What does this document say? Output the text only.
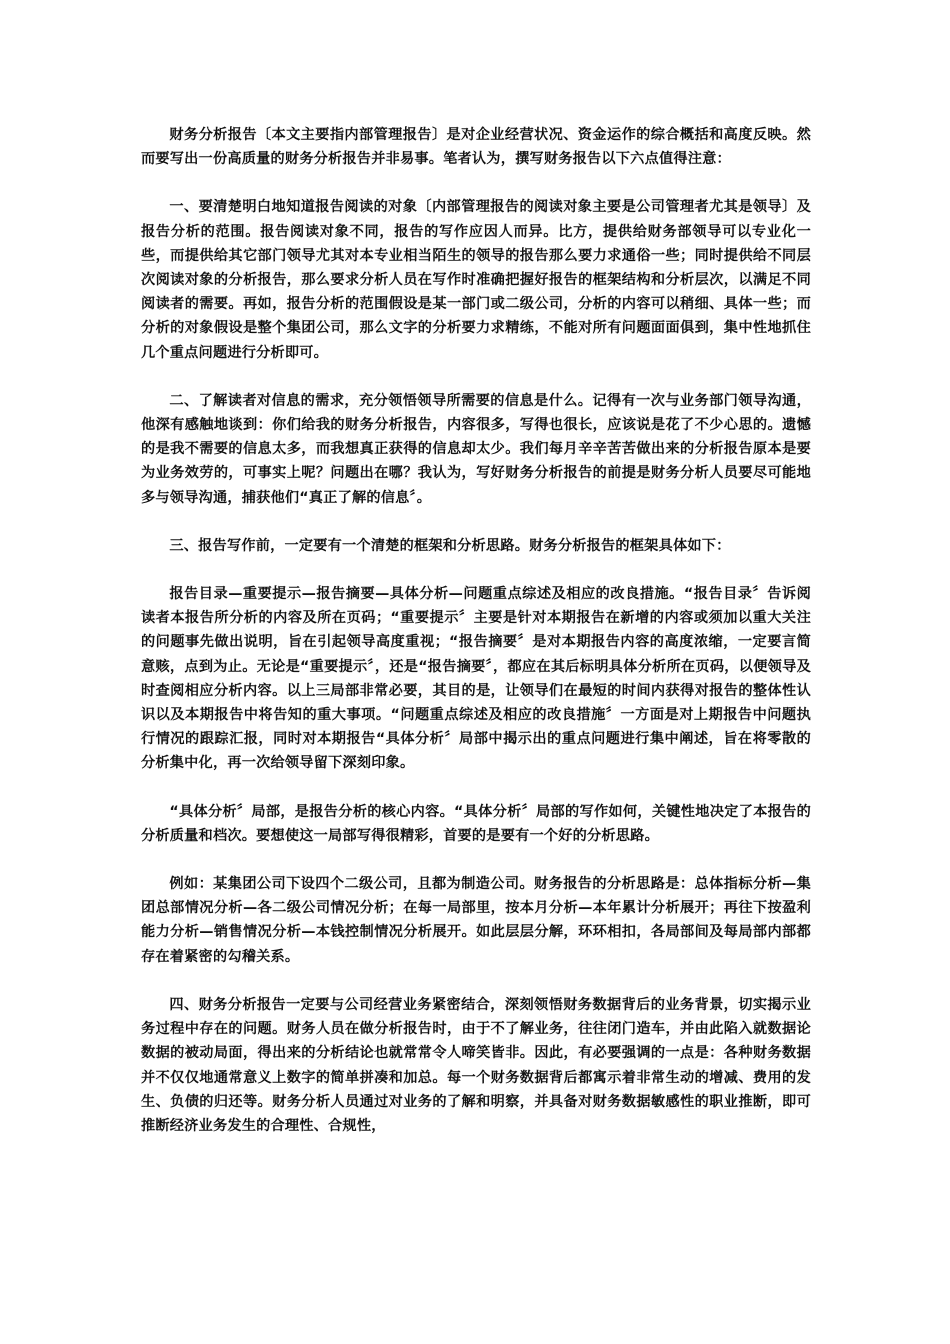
财务分析报告〔本文主要指内部管理报告〕是对企业经营状况、资金运作的综合概括和高度反映。然而要写出一份高质量的财务分析报告并非易事。笔者认为，撰写财务报告以下六点值得注意：

一、要清楚明白地知道报告阅读的对象〔内部管理报告的阅读对象主要是公司管理者尤其是领导〕及报告分析的范围。报告阅读对象不同，报告的写作应因人而异。比方，提供给财务部领导可以专业化一些，而提供给其它部门领导尤其对本专业相当陌生的领导的报告那么要力求通俗一些；同时提供给不同层次阅读对象的分析报告，那么要求分析人员在写作时准确把握好报告的框架结构和分析层次，以满足不同阅读者的需要。再如，报告分析的范围假设是某一部门或二级公司，分析的内容可以稍细、具体一些；而分析的对象假设是整个集团公司，那么文字的分析要力求精练，不能对所有问题面面俱到，集中性地抓住几个重点问题进行分析即可。

二、了解读者对信息的需求，充分领悟领导所需要的信息是什么。记得有一次与业务部门领导沟通，他深有感触地谈到：你们给我的财务分析报告，内容很多，写得也很长，应该说是花了不少心思的。遗憾的是我不需要的信息太多，而我想真正获得的信息却太少。我们每月辛辛苦苦做出来的分析报告原本是要为业务效劳的，可事实上呢？问题出在哪？我认为，写好财务分析报告的前提是财务分析人员要尽可能地多与领导沟通，捕获他们“真正了解的信息〞。

三、报告写作前，一定要有一个清楚的框架和分析思路。财务分析报告的框架具体如下：

报告目录—重要提示—报告摘要—具体分析—问题重点综述及相应的改良措施。“报告目录〞告诉阅读者本报告所分析的内容及所在页码；“重要提示〞主要是针对本期报告在新增的内容或须加以重大关注的问题事先做出说明，旨在引起领导高度重视；“报告摘要〞是对本期报告内容的高度浓缩，一定要言简意赅，点到为止。无论是“重要提示〞，还是“报告摘要〞，都应在其后标明具体分析所在页码，以便领导及时查阅相应分析内容。以上三局部非常必要，其目的是，让领导们在最短的时间内获得对报告的整体性认识以及本期报告中将告知的重大事项。“问题重点综述及相应的改良措施〞一方面是对上期报告中问题执行情况的跟踪汇报，同时对本期报告“具体分析〞局部中揭示出的重点问题进行集中阐述，旨在将零散的分析集中化，再一次给领导留下深刻印象。

“具体分析〞局部，是报告分析的核心内容。“具体分析〞局部的写作如何，关键性地决定了本报告的分析质量和档次。要想使这一局部写得很精彩，首要的是要有一个好的分析思路。

例如：某集团公司下设四个二级公司，且都为制造公司。财务报告的分析思路是：总体指标分析—集团总部情况分析—各二级公司情况分析；在每一局部里，按本月分析—本年累计分析展开；再往下按盈利能力分析—销售情况分析—本钱控制情况分析展开。如此层层分解，环环相扣，各局部间及每局部内部都存在着紧密的勾稽关系。

四、财务分析报告一定要与公司经营业务紧密结合，深刻领悟财务数据背后的业务背景，切实揭示业务过程中存在的问题。财务人员在做分析报告时，由于不了解业务，往往闭门造车，并由此陷入就数据论数据的被动局面，得出来的分析结论也就常常令人啼笑皆非。因此，有必要强调的一点是：各种财务数据并不仅仅地通常意义上数字的简单拼凑和加总。每一个财务数据背后都寓示着非常生动的增减、费用的发生、负债的归还等。财务分析人员通过对业务的了解和明察，并具备对财务数据敏感性的职业推断，即可推断经济业务发生的合理性、合规性，
